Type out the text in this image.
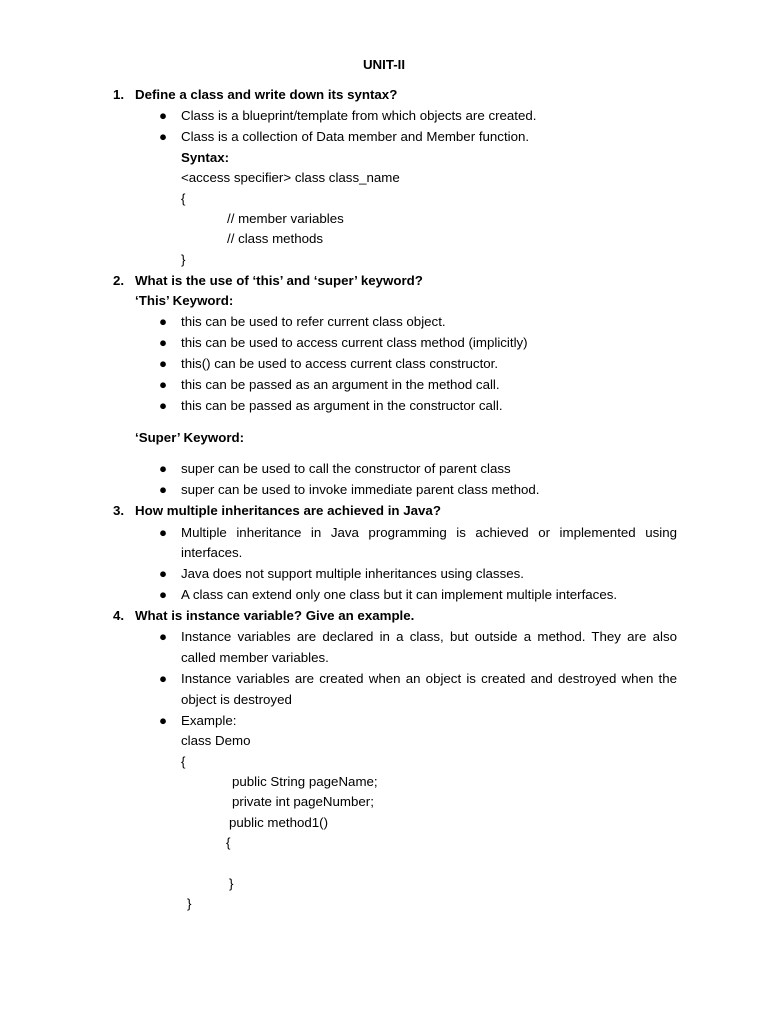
UNIT-II
1. Define a class and write down its syntax?
● Class is a blueprint/template from which objects are created.
● Class is a collection of Data member and Member function.
Syntax:
<access specifier> class class_name
{
// member variables
// class methods
}
2. What is the use of ‘this’ and ‘super’ keyword?
‘This’ Keyword:
● this can be used to refer current class object.
● this can be used to access current class method (implicitly)
● this() can be used to access current class constructor.
● this can be passed as an argument in the method call.
● this can be passed as argument in the constructor call.
‘Super’ Keyword:
● super can be used to call the constructor of parent class
● super can be used to invoke immediate parent class method.
3. How multiple inheritances are achieved in Java?
● Multiple inheritance in Java programming is achieved or implemented using
interfaces.
● Java does not support multiple inheritances using classes.
● A class can extend only one class but it can implement multiple interfaces.
4. What is instance variable? Give an example.
● Instance variables are declared in a class, but outside a method. They are also
called member variables.
● Instance variables are created when an object is created and destroyed when the
object is destroyed
● Example:
class Demo
{
public String pageName;
private int pageNumber;
public method1()
{
}
}
